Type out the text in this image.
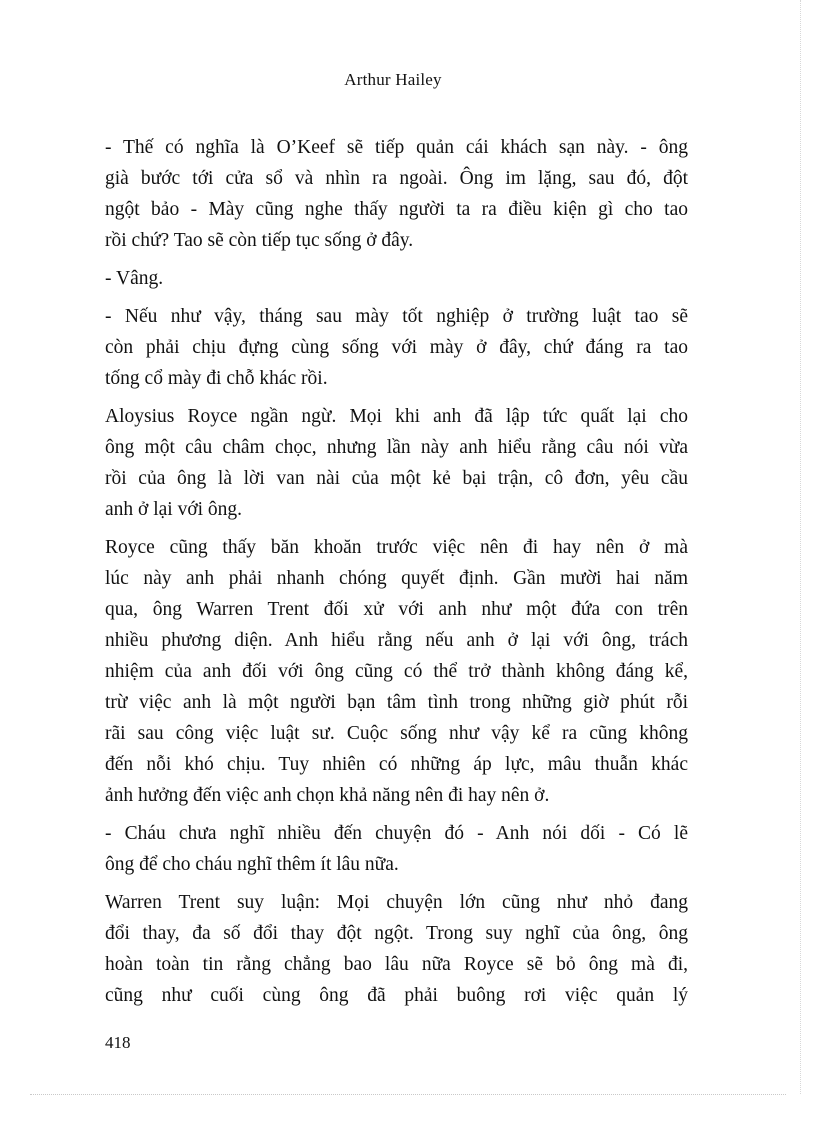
Arthur Hailey

- Thế có nghĩa là O’Keef sẽ tiếp quản cái khách sạn này. - ông
già bước tới cửa sổ và nhìn ra ngoài. Ông im lặng, sau đó, đột
ngột bảo - Mày cũng nghe thấy người ta ra điều kiện gì cho tao
rồi chứ? Tao sẽ còn tiếp tục sống ở đây.

- Vâng.

- Nếu như vậy, tháng sau mày tốt nghiệp ở trường luật tao sẽ
còn phải chịu đựng cùng sống với mày ở đây, chứ đáng ra tao
tống cổ mày đi chỗ khác rồi.

Aloysius Royce ngần ngừ. Mọi khi anh đã lập tức quất lại cho
ông một câu châm chọc, nhưng lần này anh hiểu rằng câu nói vừa
rồi của ông là lời van nài của một kẻ bại trận, cô đơn, yêu cầu
anh ở lại với ông.

Royce cũng thấy băn khoăn trước việc nên đi hay nên ở mà
lúc này anh phải nhanh chóng quyết định. Gần mười hai năm
qua, ông Warren Trent đối xử với anh như một đứa con trên
nhiều phương diện. Anh hiểu rằng nếu anh ở lại với ông, trách
nhiệm của anh đối với ông cũng có thể trở thành không đáng kể,
trừ việc anh là một người bạn tâm tình trong những giờ phút rỗi
rãi sau công việc luật sư. Cuộc sống như vậy kể ra cũng không
đến nỗi khó chịu. Tuy nhiên có những áp lực, mâu thuẫn khác
ảnh hưởng đến việc anh chọn khả năng nên đi hay nên ở.

- Cháu chưa nghĩ nhiều đến chuyện đó - Anh nói dối - Có lẽ
ông để cho cháu nghĩ thêm ít lâu nữa.

Warren Trent suy luận: Mọi chuyện lớn cũng như nhỏ đang
đổi thay, đa số đổi thay đột ngột. Trong suy nghĩ của ông, ông
hoàn toàn tin rằng chẳng bao lâu nữa Royce sẽ bỏ ông mà đi,
cũng như cuối cùng ông đã phải buông rơi việc quản lý

418
